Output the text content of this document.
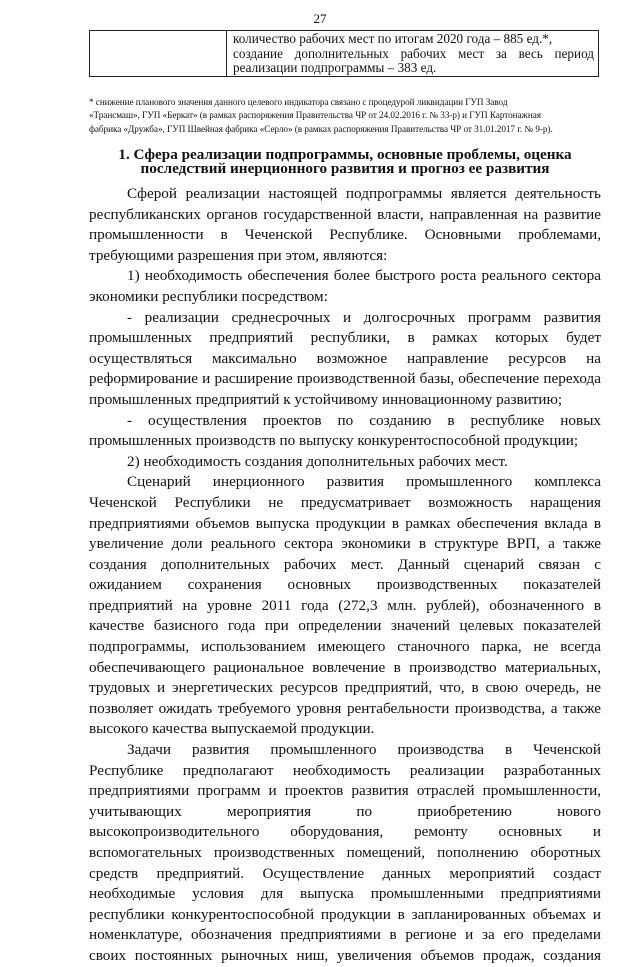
27

количество рабочих мест по итогам 2020 года – 885 ед.*,
создание дополнительных рабочих мест за весь период
реализации подпрограммы – 383 ед.
* снижение планового значения данного целевого индикатора связано с процедурой ликвидации ГУП Завод
«Трансмаш», ГУП «Беркат» (в рамках распоряжения Правительства ЧР от 24.02.2016 г. № 33-р) и ГУП Картонажная
фабрика «Дружба», ГУП Швейная фабрика «Серло» (в рамках распоряжения Правительства ЧР от 31.01.2017 г. № 9-р).
1. Сфера реализации подпрограммы, основные проблемы, оценка
последствий инерционного развития и прогноз ее развития
Сферой реализации настоящей подпрограммы является деятельность
республиканских органов государственной власти, направленная на развитие
промышленности в Чеченской Республике. Основными проблемами,
требующими разрешения при этом, являются:
1) необходимость обеспечения более быстрого роста реального сектора
экономики республики посредством:
- реализации среднесрочных и долгосрочных программ развития
промышленных предприятий республики, в рамках которых будет
осуществляться максимально возможное направление ресурсов на
реформирование и расширение производственной базы, обеспечение перехода
промышленных предприятий к устойчивому инновационному развитию;
- осуществления проектов по созданию в республике новых
промышленных производств по выпуску конкурентоспособной продукции;
2) необходимость создания дополнительных рабочих мест.
Сценарий инерционного развития промышленного комплекса
Чеченской Республики не предусматривает возможность наращения
предприятиями объемов выпуска продукции в рамках обеспечения вклада в
увеличение доли реального сектора экономики в структуре ВРП, а также
создания дополнительных рабочих мест. Данный сценарий связан с
ожиданием сохранения основных производственных показателей
предприятий на уровне 2011 года (272,3 млн. рублей), обозначенного в
качестве базисного года при определении значений целевых показателей
подпрограммы, использованием имеющего станочного парка, не всегда
обеспечивающего рациональное вовлечение в производство материальных,
трудовых и энергетических ресурсов предприятий, что, в свою очередь, не
позволяет ожидать требуемого уровня рентабельности производства, а также
высокого качества выпускаемой продукции.
Задачи развития промышленного производства в Чеченской
Республике предполагают необходимость реализации разработанных
предприятиями программ и проектов развития отраслей промышленности,
учитывающих мероприятия по приобретению нового
высокопроизводительного оборудования, ремонту основных и
вспомогательных производственных помещений, пополнению оборотных
средств предприятий. Осуществление данных мероприятий создаст
необходимые условия для выпуска промышленными предприятиями
республики конкурентоспособной продукции в запланированных объемах и
номенклатуре, обозначения предприятиями в регионе и за его пределами
своих постоянных рыночных ниш, увеличения объемов продаж, создания
